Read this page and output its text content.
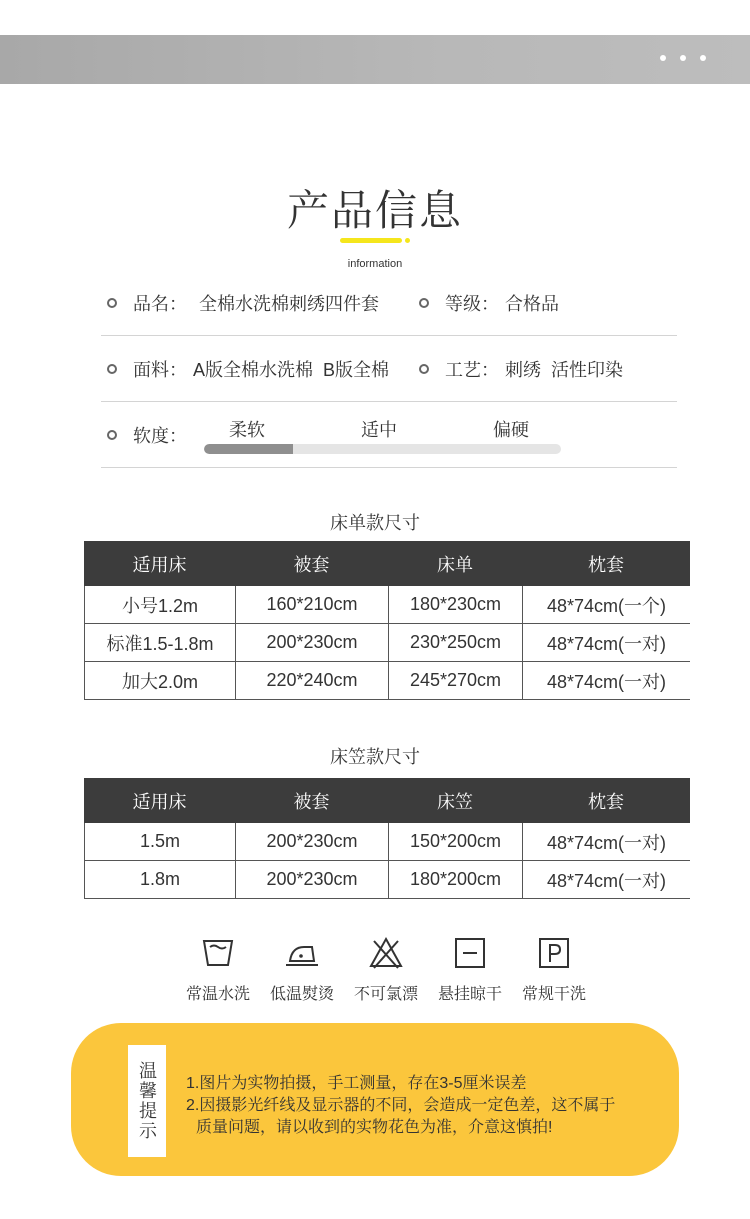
产品信息
information
品名： 全棉水洗棉刺绣四件套	等级： 合格品
面料： A版全棉水洗棉  B版全棉	工艺： 刺绣  活性印染
软度： 柔软	适中	偏硬
床单款尺寸
适用床	被套	床单	枕套
小号1.2m	160*210cm	180*230cm	48*74cm(一个)
标准1.5-1.8m	200*230cm	230*250cm	48*74cm(一对)
加大2.0m	220*240cm	245*270cm	48*74cm(一对)
床笠款尺寸
适用床	被套	床笠	枕套
1.5m	200*230cm	150*200cm	48*74cm(一对)
1.8m	200*230cm	180*200cm	48*74cm(一对)
常温水洗 低温熨烫 不可氯漂 悬挂晾干 常规干洗
温馨提示 1.图片为实物拍摄，手工测量，存在3-5厘米误差
2.因摄影光纤线及显示器的不同，会造成一定色差，这不属于
质量问题，请以收到的实物花色为准，介意这慎拍!
